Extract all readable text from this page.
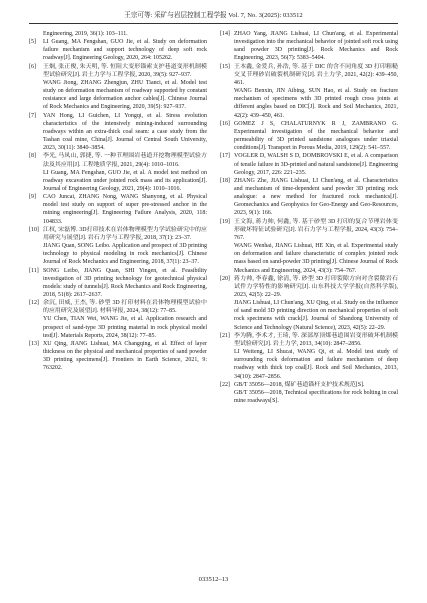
王宗可等: 采矿与岩层控制工程学报 Vol. 7, No. 3(2025): 033512

Engineering, 2019, 36(1): 103–111.

[5]	LI Guang, MA Fengshan, GUO Jie, et al. Study on deformation failure mechanism and support technology of deep soft rock roadway[J]. Engineering Geology, 2020, 264: 105262.

[6]	王炯, 张正俊, 朱天明, 等. 恒阻大变形锚索支护巷道变形机制模型试验研究[J]. 岩土力学与工程学报, 2020, 39(5): 927–937.

WANG Jiong, ZHANG Zhengjun, ZHU Tianci, et al. Model test study on deformation mechanism of roadway supported by constant resistance and large deformation anchor cables[J]. Chinese Journal of Rock Mechanics and Engineering, 2020, 39(5): 927–937.

[7]	YAN Hong, LI Guichen, LI Yongqi, et al. Stress evolution characteristics of the intensively mining-induced surrounding roadways within an extra-thick coal seam: a case study from the Tashan coal mine, China[J]. Journal of Central South University, 2023, 30(11): 3840–3854.

[8]	李光, 马凤山, 郭捷, 等. 一种节理围岩巷道开挖物理模型试验方法及其应用[J]. 工程地质学报, 2021, 29(4): 1010–1016.

LI Guang, MA Fengshan, GUO Jie, et al. A model test method on roadway excavation under jointed rock mass and its application[J]. Journal of Engineering Geology, 2021, 29(4): 1010–1016.

[9]	CAO Juncai, ZHANG Nong, WANG Shanyong, et al. Physical model test study on support of super pre-stressed anchor in the mining engineering[J]. Engineering Failure Analysis, 2020, 118: 104833.

[10] 江权, 宋磊博. 3D打印技术在岩体物理模型力学试验研究中的应用研究与展望[J]. 岩石力学与工程学报, 2018, 37(1): 23–37.

JIANG Quan, SONG Leibo. Application and prospect of 3D printing technology to physical modeling in rock mechanics[J]. Chinese Journal of Rock Mechanics and Engineering, 2018, 37(1): 23–37.

[11] SONG Leibo, JIANG Quan, SHI Yingen, et al. Feasibility investigation of 3D printing technology for geotechnical physical models: study of tunnels[J]. Rock Mechanics and Rock Engineering, 2018, 51(8): 2617–2637.

[12] 余沉, 田威, 王杰, 等. 砂型 3D 打印材料在岩体物理模型试验中的应用研究及展望[J]. 材料导报, 2024, 38(12): 77–85.

YU Chen, TIAN Wei, WANG Jie, et al. Application research and prospect of sand-type 3D printing material in rock physical model test[J]. Materials Reports, 2024, 38(12): 77–85.

[13] XU Qing, JIANG Lishuai, MA Changqing, et al. Effect of layer thickness on the physical and mechanical properties of sand powder 3D printing specimens[J]. Frontiers in Earth Science, 2021, 9: 763202.

[14] ZHAO Yang, JIANG Lishuai, LI Chun'ang, et al. Experimental investigation into the mechanical behavior of jointed soft rock using sand powder 3D printing[J]. Rock Mechanics and Rock Engineering, 2023, 56(7): 5383–5404.

[15] 王本鑫, 金爱兵, 孙浩, 等. 基于 DIC 的含不同角度 3D 打印粗糙交叉节理砂岩破裂机制研究[J]. 岩土力学, 2021, 42(2): 439–450, 461.

WANG Benxin, JIN Aibing, SUN Hao, et al. Study on fracture mechanism of specimens with 3D printed rough cross joints at different angles based on DIC[J]. Rock and Soil Mechanics, 2021, 42(2): 439–450, 461.

[16] GOMEZ J S, CHALATURNYK R J, ZAMBRANO G. Experimental investigation of the mechanical behavior and permeability of 3D printed sandstone analogues under triaxial conditions[J]. Transport in Porous Media, 2019, 129(2): 541–557.

[17] VOGLER D, WALSH S D, DOMBROVSKI E, et al. A comparison of tensile failure in 3D-printed and natural sandstone[J]. Engineering Geology, 2017, 226: 221–235.

[18] ZHANG Zhe, JIANG Lishuai, LI Chun'ang, et al. Characteristics and mechanism of time-dependent sand powder 3D printing rock analogue: a new method for fractured rock mechanics[J]. Geomechanics and Geophysics for Geo-Energy and Geo-Resources, 2023, 9(1): 166.

[19] 王文海, 蒋力帅, 何鑫, 等. 基于砂型 3D 打印的复合节理岩体变形破坏特征试验研究[J]. 岩石力学与工程学报, 2024, 43(3): 754–767.

WANG Wenhai, JIANG Lishuai, HE Xin, et al. Experimental study on deformation and failure characteristic of complex jointed rock mass based on sand-powder 3D printing[J]. Chinese Journal of Rock Mechanics and Engineering, 2024, 43(3): 754–767.

[20] 蒋力帅, 李春鑫, 徐清, 等. 砂型 3D 打印裂隙方向对含裂隙岩石试件力学特性的影响研究[J]. 山东科技大学学报(自然科学版), 2023, 42(5): 22–29.

JIANG Lishuai, LI Chun'ang, XU Qing, et al. Study on the influence of sand mold 3D printing direction on mechanical properties of soft rock specimens with crack[J]. Journal of Shandong University of Science and Technology (Natural Science), 2023, 42(5): 22–29.

[21] 李为腾, 李术才, 王琦, 等. 深部厚顶煤巷道围岩变形破坏机制模型试验研究[J]. 岩土力学, 2013, 34(10): 2847–2856.

LI Weiteng, LI Shucai, WANG Qi, et al. Model test study of surrounding rock deformation and failure mechanism of deep roadway with thick top coal[J]. Rock and Soil Mechanics, 2013, 34(10): 2847–2856.

[22] GB/T 35056—2018, 煤矿巷道锚杆支护技术规范[S].

GB/T 35056—2018, Technical specifications for rock bolting in coal mine roadways[S].

033512–13
